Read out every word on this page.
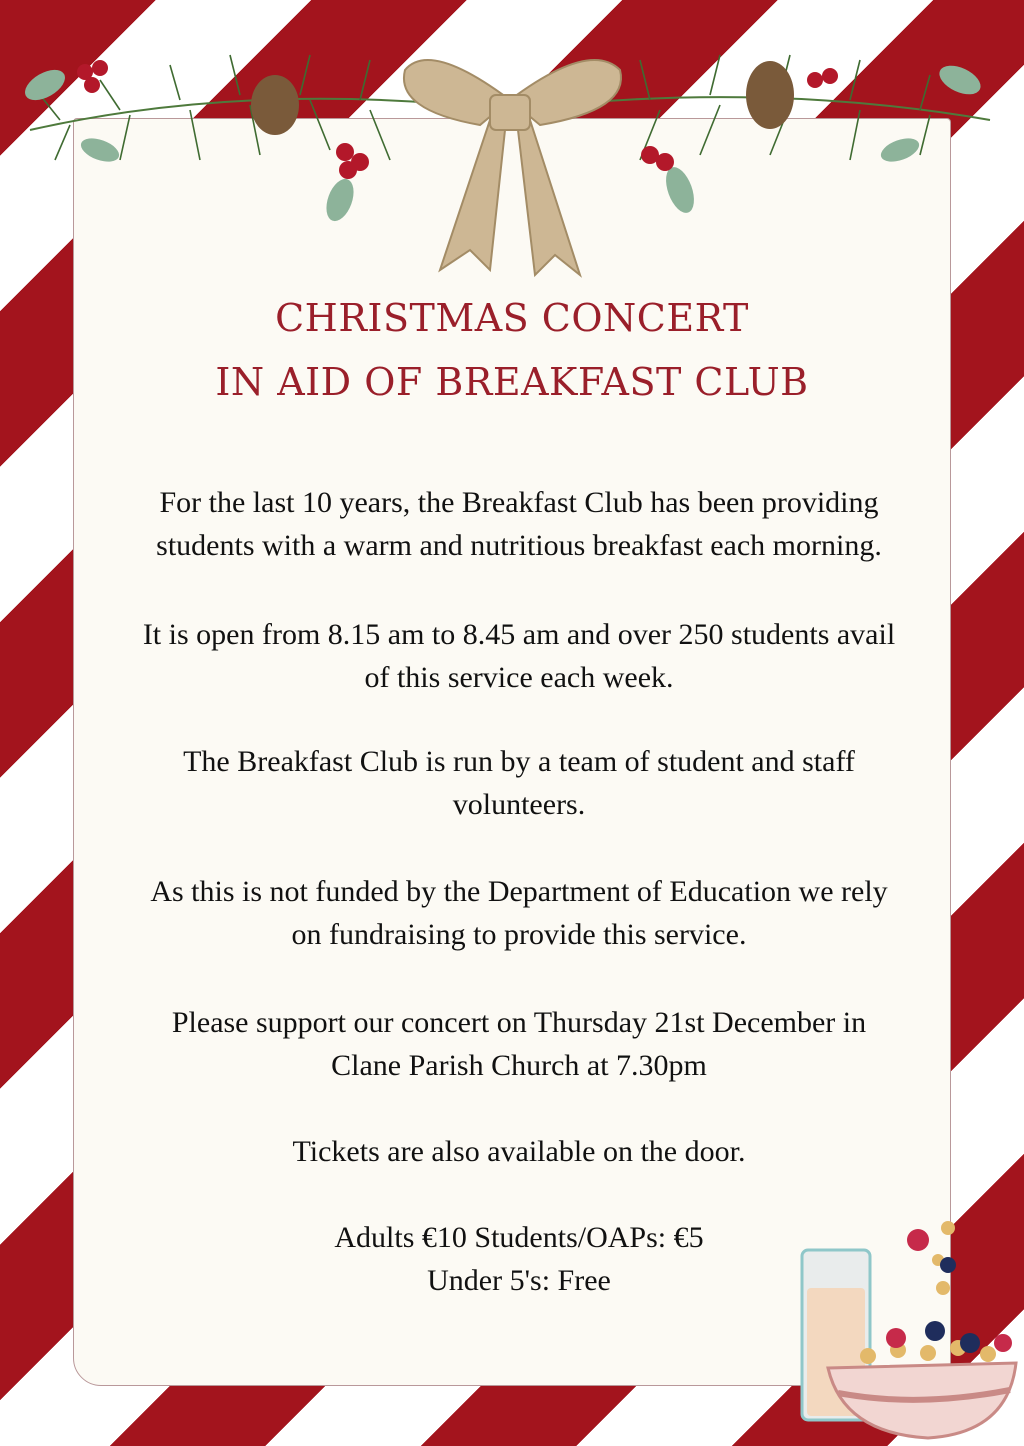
CHRISTMAS CONCERT
IN AID OF BREAKFAST CLUB

For the last 10 years, the Breakfast Club has been providing
students with a warm and nutritious breakfast each morning.

It is open from 8.15 am to 8.45 am and over 250 students avail
of this service each week.

The Breakfast Club is run by a team of student and staff
volunteers.

As this is not funded by the Department of Education we rely
on fundraising to provide this service.

Please support our concert on Thursday 21st December in
Clane Parish Church at 7.30pm

Tickets are also available on the door.

Adults €10 Students/OAPs: €5
Under 5's: Free
